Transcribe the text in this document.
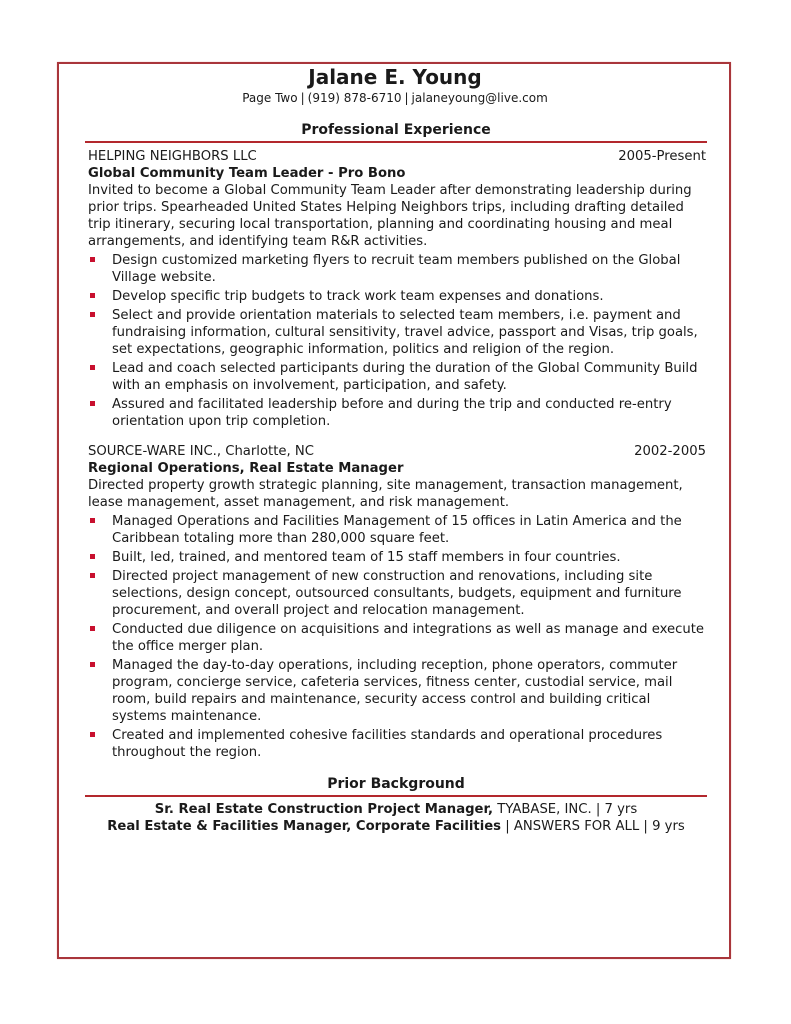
Jalane E. Young
Page Two | (919) 878-6710 | jalaneyoung@live.com
Professional Experience
HELPING NEIGHBORS LLC	2005-Present
Global Community Team Leader - Pro Bono

Invited to become a Global Community Team Leader after demonstrating leadership during prior trips. Spearheaded United States Helping Neighbors trips, including drafting detailed trip itinerary, securing local transportation, planning and coordinating housing and meal arrangements, and identifying team R&R activities.

Design customized marketing flyers to recruit team members published on the Global Village website.
Develop specific trip budgets to track work team expenses and donations.
Select and provide orientation materials to selected team members, i.e. payment and fundraising information, cultural sensitivity, travel advice, passport and Visas, trip goals, set expectations, geographic information, politics and religion of the region.
Lead and coach selected participants during the duration of the Global Community Build with an emphasis on involvement, participation, and safety.
Assured and facilitated leadership before and during the trip and conducted re-entry orientation upon trip completion.
SOURCE-WARE INC., Charlotte, NC	2002-2005
Regional Operations, Real Estate Manager

Directed property growth strategic planning, site management, transaction management, lease management, asset management, and risk management.

Managed Operations and Facilities Management of 15 offices in Latin America and the Caribbean totaling more than 280,000 square feet.
Built, led, trained, and mentored team of 15 staff members in four countries.
Directed project management of new construction and renovations, including site selections, design concept, outsourced consultants, budgets, equipment and furniture procurement, and overall project and relocation management.
Conducted due diligence on acquisitions and integrations as well as manage and execute the office merger plan.
Managed the day-to-day operations, including reception, phone operators, commuter program, concierge service, cafeteria services, fitness center, custodial service, mail room, build repairs and maintenance, security access control and building critical systems maintenance.
Created and implemented cohesive facilities standards and operational procedures throughout the region.
Prior Background
Sr. Real Estate Construction Project Manager, TYABASE, INC. | 7 yrs
Real Estate & Facilities Manager, Corporate Facilities | ANSWERS FOR ALL | 9 yrs
